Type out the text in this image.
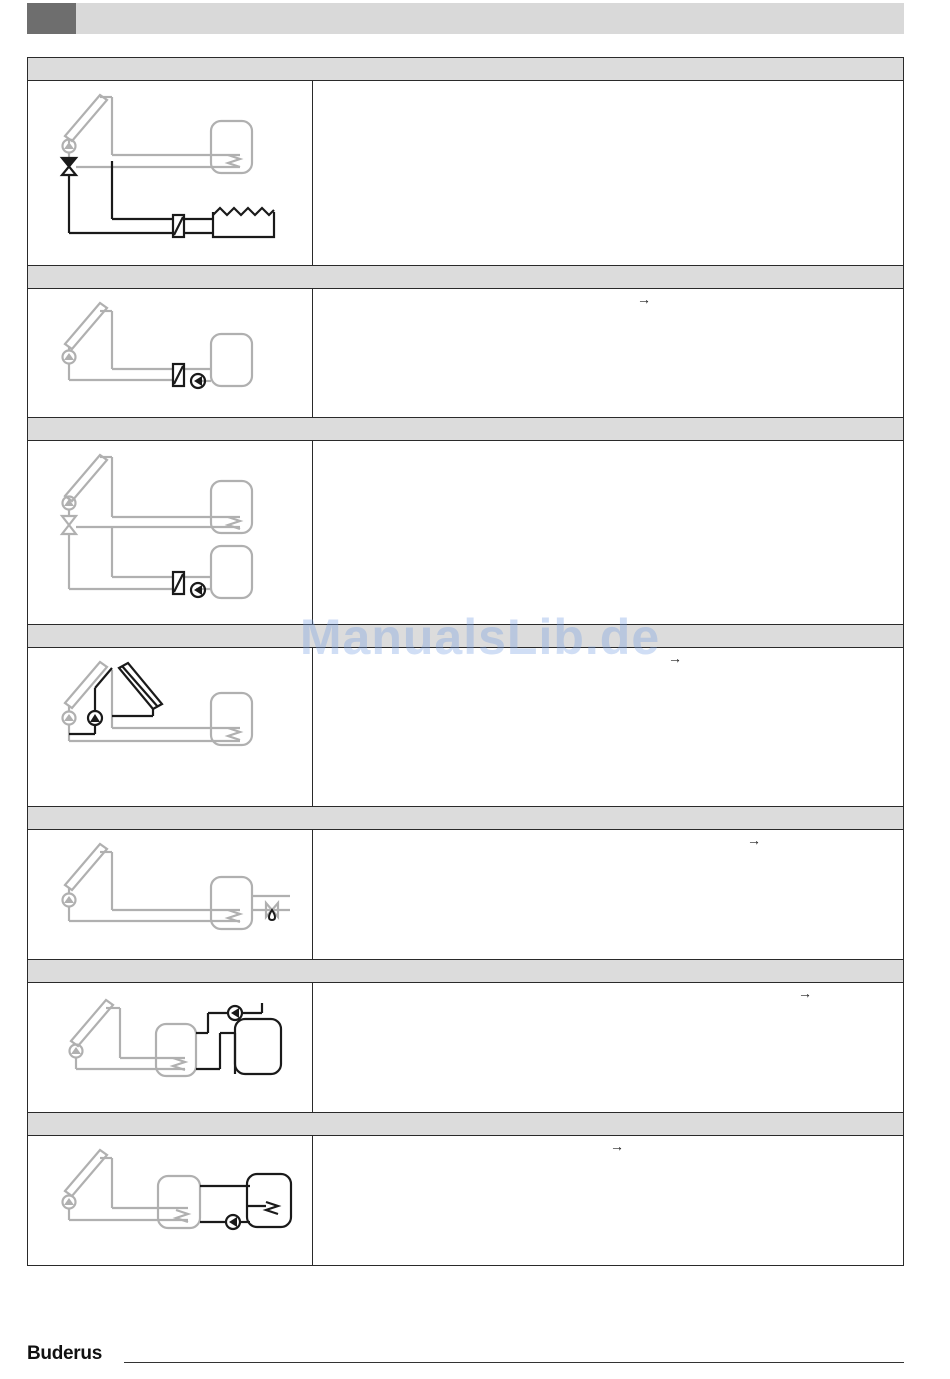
→
→
→
→
→
ManualsLib.de
Buderus
